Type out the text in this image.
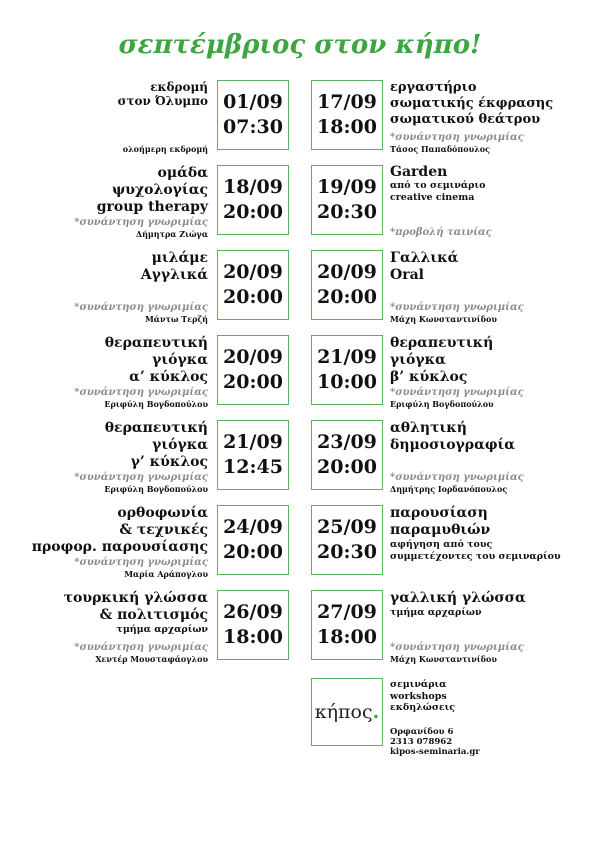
σεπτέμβριος στον κήπο!
εκδρομή
στον Όλυμπο
ολοήμερη εκδρομή
01/09
07:30
17/09
18:00
εργαστήριο
σωματικής έκφρασης
σωματικού θεάτρου
*συνάντηση γνωριμίας
Τάσος Παπαδόπουλος
ομάδα
ψυχολογίας
group therapy
*συνάντηση γνωριμίας
Δήμητρα Ζιώγα
18/09
20:00
19/09
20:30
Garden
από το σεμινάριο
creative cinema
*προβολή ταινίας
μιλάμε
Αγγλικά
*συνάντηση γνωριμίας
Μάντω Τερζή
20/09
20:00
20/09
20:00
Γαλλικά
Oral
*συνάντηση γνωριμίας
Μάχη Κωνσταντινίδου
θεραπευτική
γιόγκα
α’ κύκλος
*συνάντηση γνωριμίας
Εριφύλη Βογδοπούλου
20/09
20:00
21/09
10:00
θεραπευτική
γιόγκα
β’ κύκλος
*συνάντηση γνωριμίας
Εριφύλη Βογδοπούλου
θεραπευτική
γιόγκα
γ’ κύκλος
*συνάντηση γνωριμίας
Εριφύλη Βογδοπούλου
21/09
12:45
23/09
20:00
αθλητική
δημοσιογραφία
*συνάντηση γνωριμίας
Δημήτρης Ιορδανόπουλος
ορθοφωνία
& τεχνικές
προφορ. παρουσίασης
*συνάντηση γνωριμίας
Μαρία Αράπογλου
24/09
20:00
25/09
20:30
παρουσίαση
παραμυθιών
αφήγηση από τους
συμμετέχοντες του σεμιναρίου
τουρκική γλώσσα
& πολιτισμός
τμήμα αρχαρίων
*συνάντηση γνωριμίας
Χεντέρ Μουσταφάογλου
26/09
18:00
27/09
18:00
γαλλική γλώσσα
τμήμα αρχαρίων
*συνάντηση γνωριμίας
Μάχη Κωνσταντινίδου
κήπος.
σεμινάρια
workshops
εκδηλώσεις
Ορφανίδου 6
2313 078962
kipos-seminaria.gr
